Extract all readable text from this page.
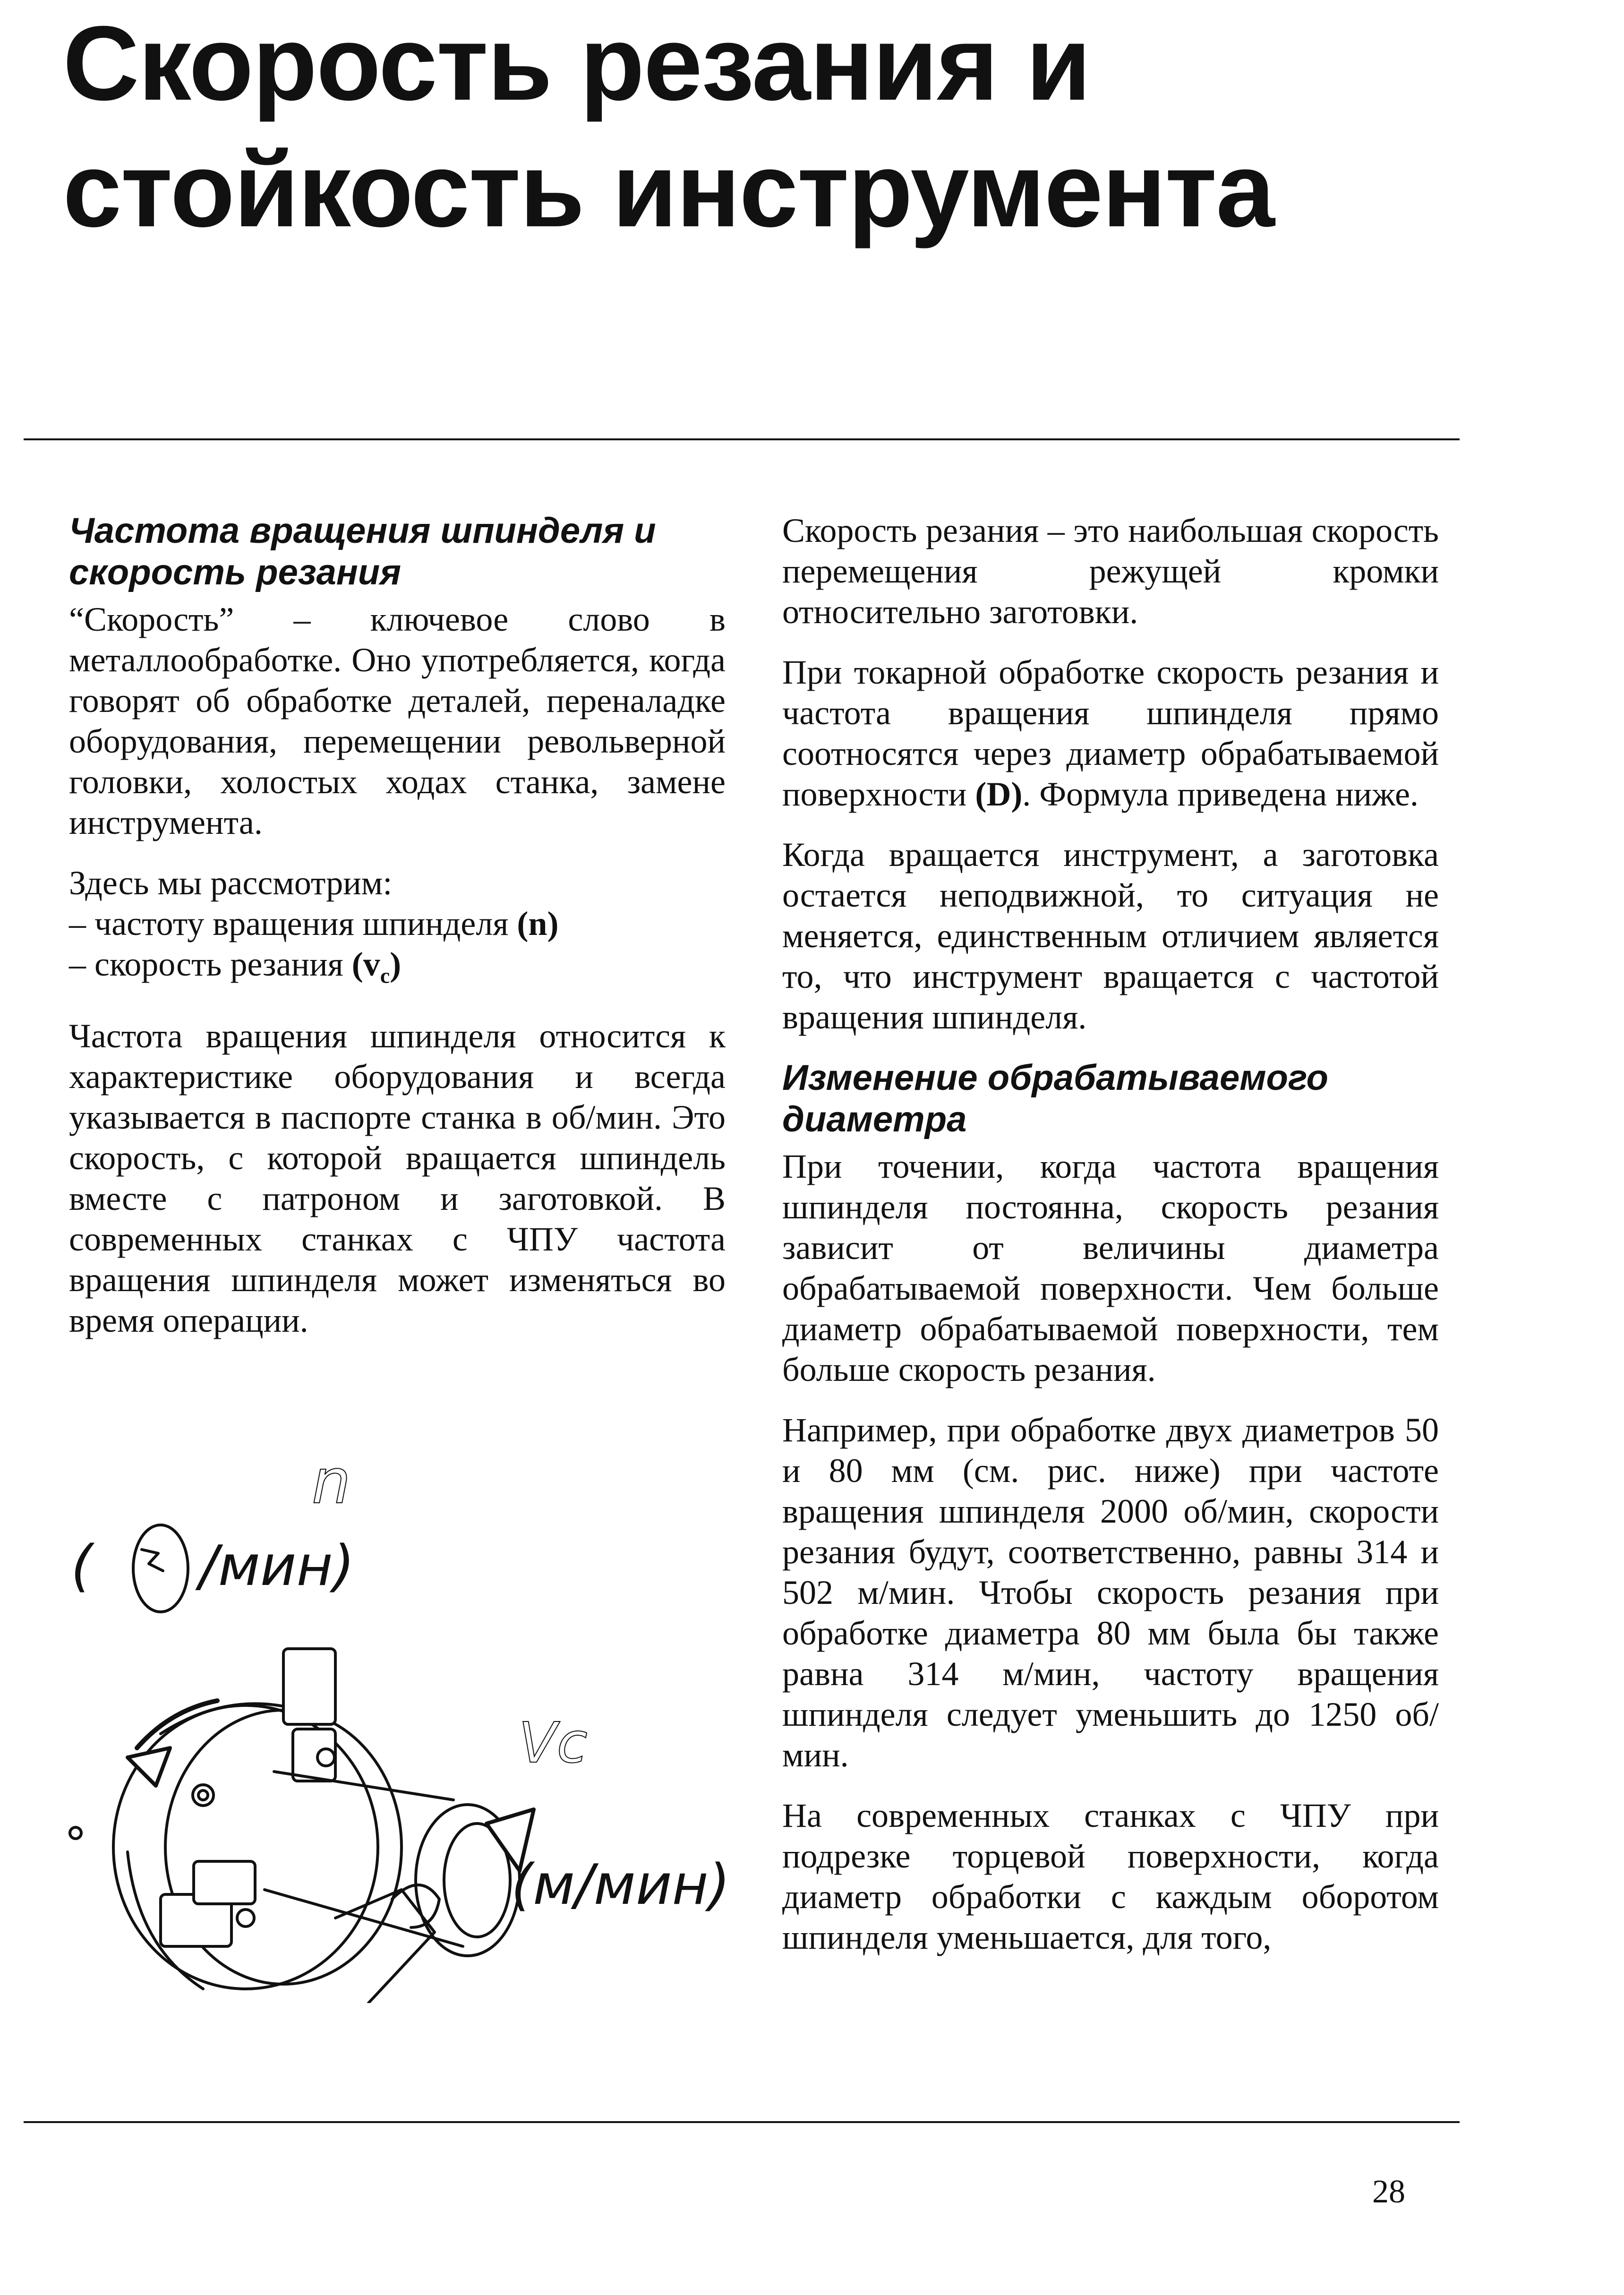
Скорость резания и
стойкость инструмента
Частота вращения шпинделя и скорость резания

“Скорость” – ключевое слово в металлообработке. Оно употребляется, когда говорят об обработке деталей, переналадке оборудования, перемещении револьверной головки, холостых ходах станка, замене инструмента.

Здесь мы рассмотрим:
– частоту вращения шпинделя (n)
– скорость резания $(v_c)$

Частота вращения шпинделя относится к характеристике оборудования и всегда указывается в паспорте станка в об/мин. Это скорость, с которой вращается шпиндель вместе с патроном и заготовкой. В современных станках с ЧПУ частота вращения шпинделя может изменяться во время операции.

n
( /мин)
Vc
(м/мин)

Скорость резания – это наибольшая скорость перемещения режущей кромки относительно заготовки.

При токарной обработке скорость резания и частота вращения шпинделя прямо соотносятся через диаметр обрабатываемой поверхности (D). Формула приведена ниже.

Когда вращается инструмент, а заготовка остается неподвижной, то ситуация не меняется, единственным отличием является то, что инструмент вращается с частотой вращения шпинделя.

Изменение обрабатываемого диаметра

При точении, когда частота вращения шпинделя постоянна, скорость резания зависит от величины диаметра обрабатываемой поверхности. Чем больше диаметр обрабатываемой поверхности, тем больше скорость резания.

Например, при обработке двух диаметров 50 и 80 мм (см. рис. ниже) при частоте вращения шпинделя 2000 об/мин, скорости резания будут, соответственно, равны 314 и 502 м/мин. Чтобы скорость резания при обработке диаметра 80 мм была бы также равна 314 м/мин, частоту вращения шпинделя следует уменьшить до 1250 об/мин.

На современных станках с ЧПУ при подрезке торцевой поверхности, когда диаметр обработки с каждым оборотом шпинделя уменьшается, для того,

28
